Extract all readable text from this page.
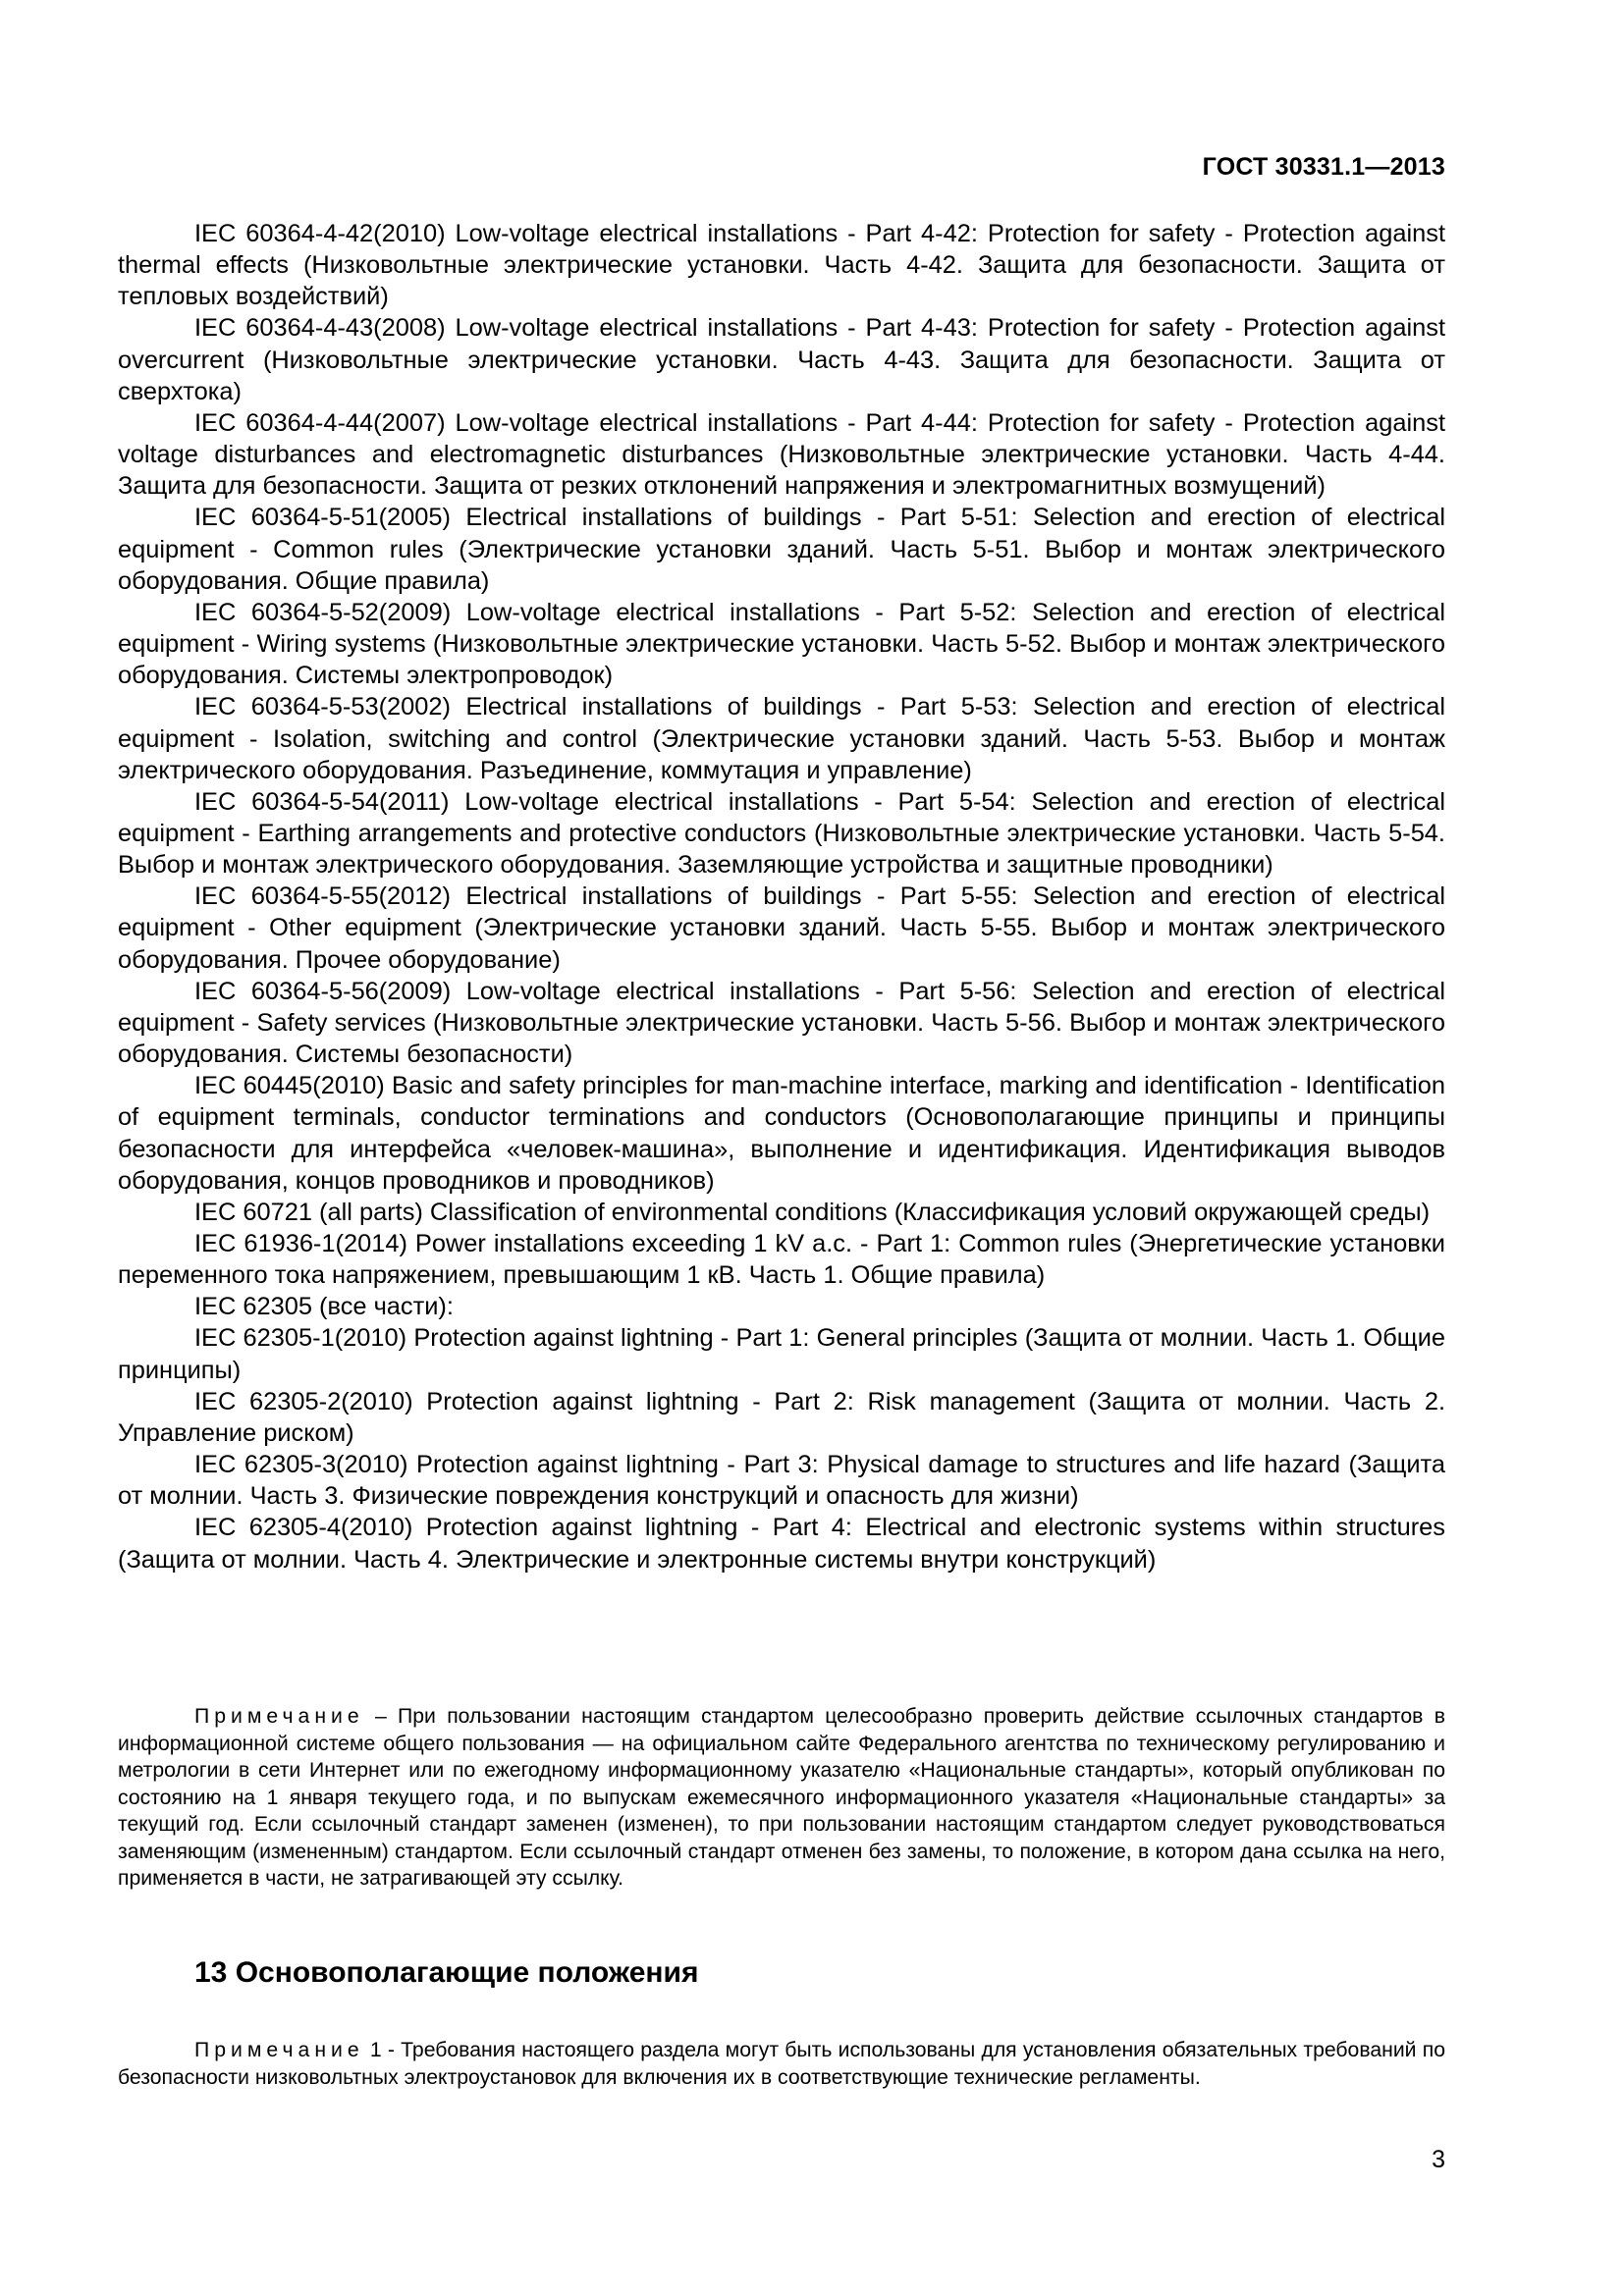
ГОСТ 30331.1—2013

IEC 60364-4-42(2010) Low-voltage electrical installations - Part 4-42: Protection for safety - Protection against thermal effects (Низковольтные электрические установки. Часть 4-42. Защита для безопасности. Защита от тепловых воздействий)

IEC 60364-4-43(2008) Low-voltage electrical installations - Part 4-43: Protection for safety - Protection against overcurrent (Низковольтные электрические установки. Часть 4-43. Защита для безопасности. Защита от сверхтока)

IEC 60364-4-44(2007) Low-voltage electrical installations - Part 4-44: Protection for safety - Protection against voltage disturbances and electromagnetic disturbances (Низковольтные электрические установки. Часть 4-44. Защита для безопасности. Защита от резких отклонений напряжения и электромагнитных возмущений)

IEC 60364-5-51(2005) Electrical installations of buildings - Part 5-51: Selection and erection of electrical equipment - Common rules (Электрические установки зданий. Часть 5-51. Выбор и монтаж электрического оборудования. Общие правила)

IEC 60364-5-52(2009) Low-voltage electrical installations - Part 5-52: Selection and erection of electrical equipment - Wiring systems (Низковольтные электрические установки. Часть 5-52. Выбор и монтаж электрического оборудования. Системы электропроводок)

IEC 60364-5-53(2002) Electrical installations of buildings - Part 5-53: Selection and erection of electrical equipment - Isolation, switching and control (Электрические установки зданий. Часть 5-53. Выбор и монтаж электрического оборудования. Разъединение, коммутация и управление)

IEC 60364-5-54(2011) Low-voltage electrical installations - Part 5-54: Selection and erection of electrical equipment - Earthing arrangements and protective conductors (Низковольтные электрические установки. Часть 5-54. Выбор и монтаж электрического оборудования. Заземляющие устройства и защитные проводники)

IEC 60364-5-55(2012) Electrical installations of buildings - Part 5-55: Selection and erection of electrical equipment - Other equipment (Электрические установки зданий. Часть 5-55. Выбор и монтаж электрического оборудования. Прочее оборудование)

IEC 60364-5-56(2009) Low-voltage electrical installations - Part 5-56: Selection and erection of electrical equipment - Safety services (Низковольтные электрические установки. Часть 5-56. Выбор и монтаж электрического оборудования. Системы безопасности)

IEC 60445(2010) Basic and safety principles for man-machine interface, marking and identification - Identification of equipment terminals, conductor terminations and conductors (Основополагающие принципы и принципы безопасности для интерфейса «человек-машина», выполнение и идентификация. Идентификация выводов оборудования, концов проводников и проводников)

IEC 60721 (all parts) Classification of environmental conditions (Классификация условий окружающей среды)

IEC 61936-1(2014) Power installations exceeding 1 kV a.c. - Part 1: Common rules (Энергетические установки переменного тока напряжением, превышающим 1 кВ. Часть 1. Общие правила)

IEC 62305 (все части):

IEC 62305-1(2010) Protection against lightning - Part 1: General principles (Защита от молнии. Часть 1. Общие принципы)

IEC 62305-2(2010) Protection against lightning - Part 2: Risk management (Защита от молнии. Часть 2. Управление риском)

IEC 62305-3(2010) Protection against lightning - Part 3: Physical damage to structures and life hazard (Защита от молнии. Часть 3. Физические повреждения конструкций и опасность для жизни)

IEC 62305-4(2010) Protection against lightning - Part 4: Electrical and electronic systems within structures (Защита от молнии. Часть 4. Электрические и электронные системы внутри конструкций)

Примечание – При пользовании настоящим стандартом целесообразно проверить действие ссылочных стандартов в информационной системе общего пользования — на официальном сайте Федерального агентства по техническому регулированию и метрологии в сети Интернет или по ежегодному информационному указателю «Национальные стандарты», который опубликован по состоянию на 1 января текущего года, и по выпускам ежемесячного информационного указателя «Национальные стандарты» за текущий год. Если ссылочный стандарт заменен (изменен), то при пользовании настоящим стандартом следует руководствоваться заменяющим (измененным) стандартом. Если ссылочный стандарт отменен без замены, то положение, в котором дана ссылка на него, применяется в части, не затрагивающей эту ссылку.

13 Основополагающие положения

Примечание 1 - Требования настоящего раздела могут быть использованы для установления обязательных требований по безопасности низковольтных электроустановок для включения их в соответствующие технические регламенты.

3
